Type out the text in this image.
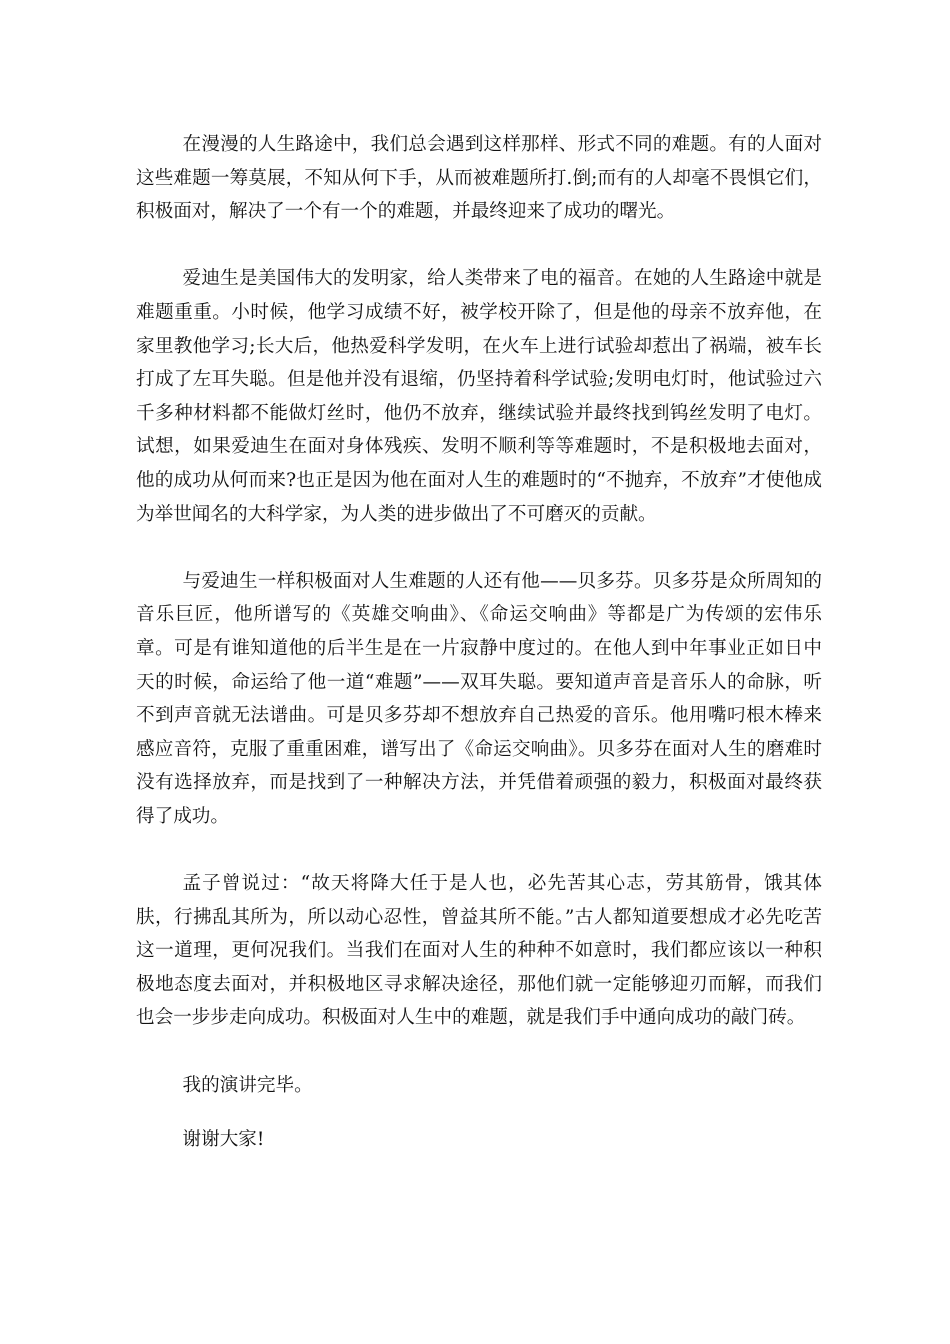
在漫漫的人生路途中，我们总会遇到这样那样、形式不同的难题。有的人面对这些难题一筹莫展，不知从何下手，从而被难题所打.倒;而有的人却毫不畏惧它们，积极面对，解决了一个有一个的难题，并最终迎来了成功的曙光。

爱迪生是美国伟大的发明家，给人类带来了电的福音。在她的人生路途中就是难题重重。小时候，他学习成绩不好，被学校开除了，但是他的母亲不放弃他，在家里教他学习;长大后，他热爱科学发明，在火车上进行试验却惹出了祸端，被车长打成了左耳失聪。但是他并没有退缩，仍坚持着科学试验;发明电灯时，他试验过六千多种材料都不能做灯丝时，他仍不放弃，继续试验并最终找到钨丝发明了电灯。试想，如果爱迪生在面对身体残疾、发明不顺利等等难题时，不是积极地去面对，他的成功从何而来?也正是因为他在面对人生的难题时的“不抛弃，不放弃”才使他成为举世闻名的大科学家，为人类的进步做出了不可磨灭的贡献。

与爱迪生一样积极面对人生难题的人还有他——贝多芬。贝多芬是众所周知的音乐巨匠，他所谱写的《英雄交响曲》、《命运交响曲》等都是广为传颂的宏伟乐章。可是有谁知道他的后半生是在一片寂静中度过的。在他人到中年事业正如日中天的时候，命运给了他一道“难题”——双耳失聪。要知道声音是音乐人的命脉，听不到声音就无法谱曲。可是贝多芬却不想放弃自己热爱的音乐。他用嘴叼根木棒来感应音符，克服了重重困难，谱写出了《命运交响曲》。贝多芬在面对人生的磨难时没有选择放弃，而是找到了一种解决方法，并凭借着顽强的毅力，积极面对最终获得了成功。

孟子曾说过：“故天将降大任于是人也，必先苦其心志，劳其筋骨，饿其体肤，行拂乱其所为，所以动心忍性，曾益其所不能。”古人都知道要想成才必先吃苦这一道理，更何况我们。当我们在面对人生的种种不如意时，我们都应该以一种积极地态度去面对，并积极地区寻求解决途径，那他们就一定能够迎刃而解，而我们也会一步步走向成功。积极面对人生中的难题，就是我们手中通向成功的敲门砖。

我的演讲完毕。

谢谢大家!
